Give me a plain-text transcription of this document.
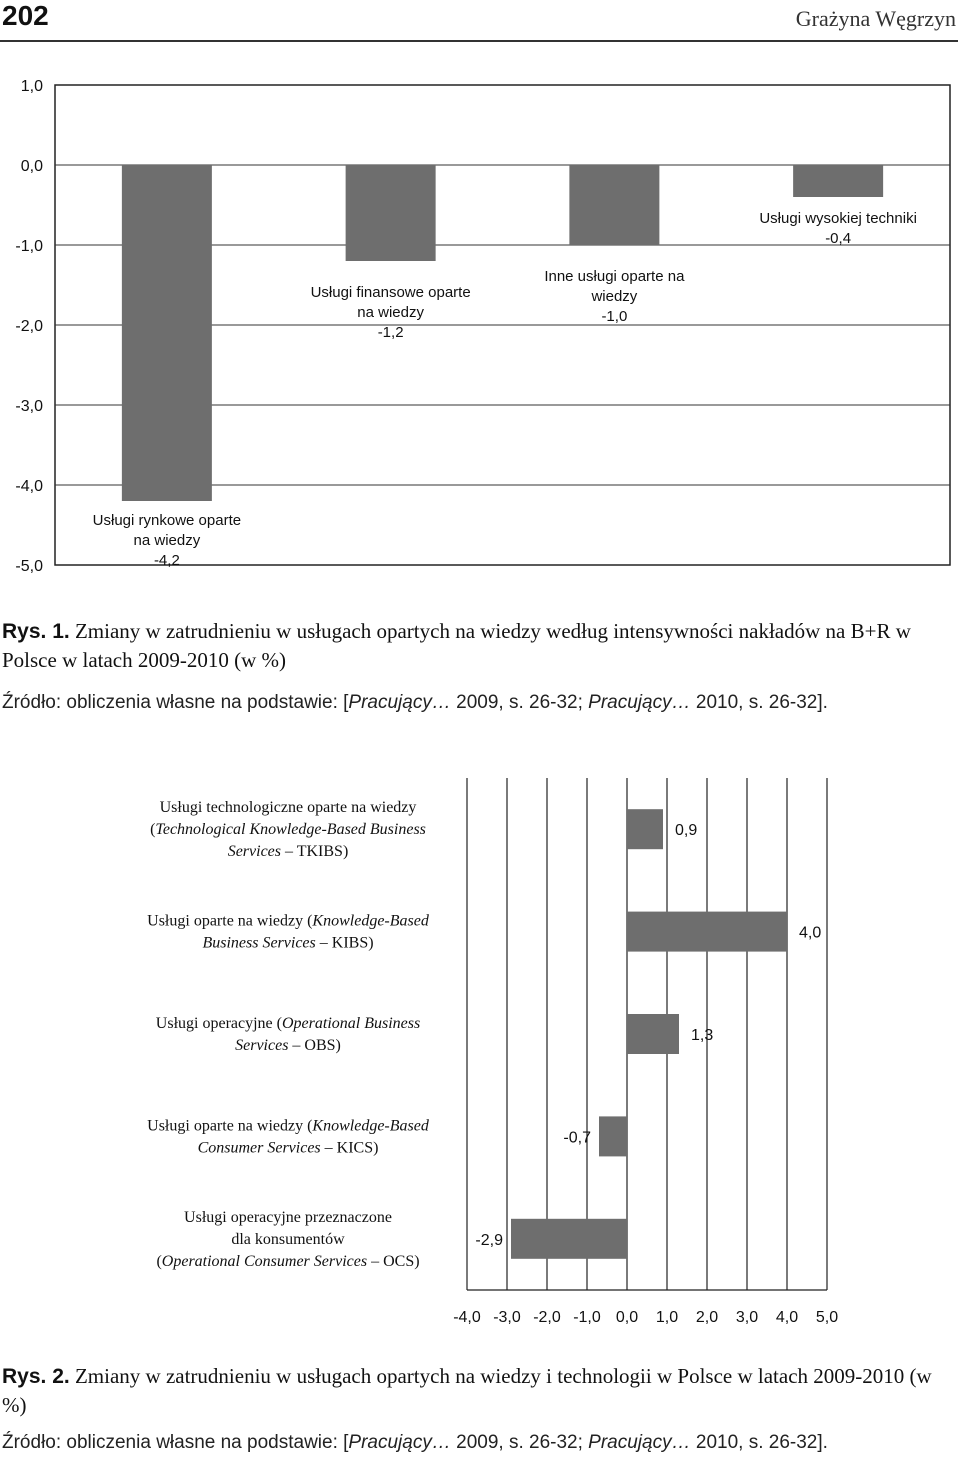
202	Grażyna Węgrzyn
1,0
0,0
-1,0
-2,0
-3,0
-4,0
-5,0
Usługi rynkowe oparte
na wiedzy
-4,2
Usługi finansowe oparte
na wiedzy
-1,2
Inne usługi oparte na
wiedzy
-1,0
Usługi wysokiej techniki
-0,4
Rys. 1. Zmiany w zatrudnieniu w usługach opartych na wiedzy według intensywności nakładów na B+R w Polsce w latach 2009-2010 (w %)
Źródło: obliczenia własne na podstawie: [Pracujący… 2009, s. 26-32; Pracujący… 2010, s. 26-32].
-4,0 -3,0 -2,0 -1,0 0,0 1,0 2,0 3,0 4,0 5,0
0,9
Usługi technologiczne oparte na wiedzy
(Technological Knowledge-Based Business
Services – TKIBS)
4,0
Usługi oparte na wiedzy (Knowledge-Based
Business Services – KIBS)
1,3
Usługi operacyjne (Operational Business
Services – OBS)
-0,7
Usługi oparte na wiedzy (Knowledge-Based
Consumer Services – KICS)
-2,9
Usługi operacyjne przeznaczone
dla konsumentów
(Operational Consumer Services – OCS)
Rys. 2. Zmiany w zatrudnieniu w usługach opartych na wiedzy i technologii w Polsce w latach 2009-2010 (w %)
Źródło: obliczenia własne na podstawie: [Pracujący… 2009, s. 26-32; Pracujący… 2010, s. 26-32].
